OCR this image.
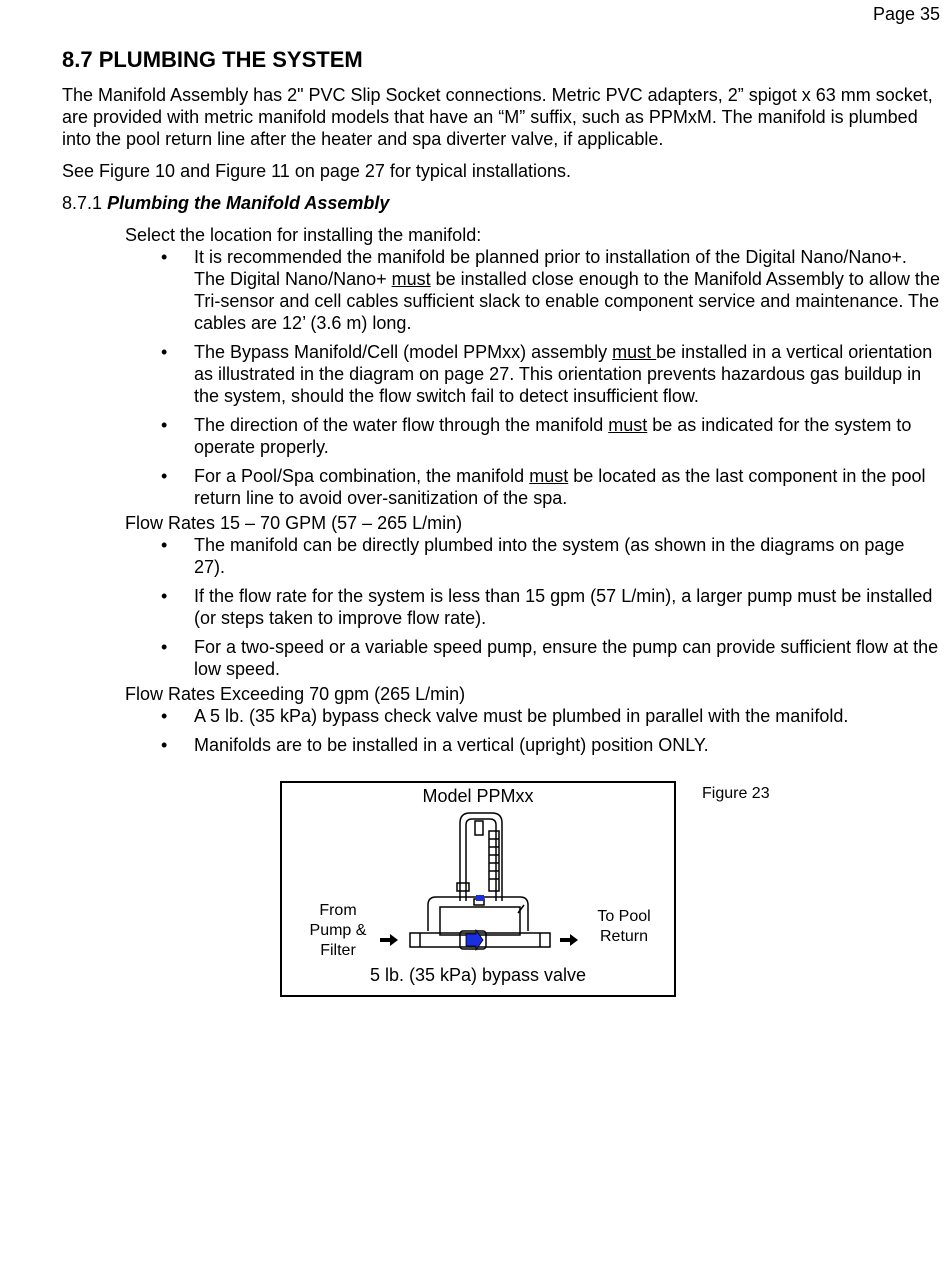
Page 35
8.7 PLUMBING THE SYSTEM

The Manifold Assembly has 2" PVC Slip Socket connections. Metric PVC adapters, 2” spigot x 63 mm socket, are provided with metric manifold models that have an “M” suffix, such as PPMxM. The manifold is plumbed into the pool return line after the heater and spa diverter valve, if applicable.

See Figure 10 and Figure 11 on page 27 for typical installations.

8.7.1 Plumbing the Manifold Assembly

Select the location for installing the manifold:

• It is recommended the manifold be planned prior to installation of the Digital Nano/Nano+. The Digital Nano/Nano+ must be installed close enough to the Manifold Assembly to allow the Tri-sensor and cell cables sufficient slack to enable component service and maintenance. The cables are 12’ (3.6 m) long.
• The Bypass Manifold/Cell (model PPMxx) assembly must be installed in a vertical orientation as illustrated in the diagram on page 27. This orientation prevents hazardous gas buildup in the system, should the flow switch fail to detect insufficient flow.
• The direction of the water flow through the manifold must be as indicated for the system to operate properly.
• For a Pool/Spa combination, the manifold must be located as the last component in the pool return line to avoid over-sanitization of the spa.

Flow Rates 15 – 70 GPM (57 – 265 L/min)

• The manifold can be directly plumbed into the system (as shown in the diagrams on page 27).
• If the flow rate for the system is less than 15 gpm (57 L/min), a larger pump must be installed (or steps taken to improve flow rate).
• For a two-speed or a variable speed pump, ensure the pump can provide sufficient flow at the low speed.

Flow Rates Exceeding 70 gpm (265 L/min)

• A 5 lb. (35 kPa) bypass check valve must be plumbed in parallel with the manifold.
• Manifolds are to be installed in a vertical (upright) position ONLY.
Figure 23
Model PPMxx
From
Pump &
Filter
To Pool
Return
5 lb. (35 kPa) bypass valve
